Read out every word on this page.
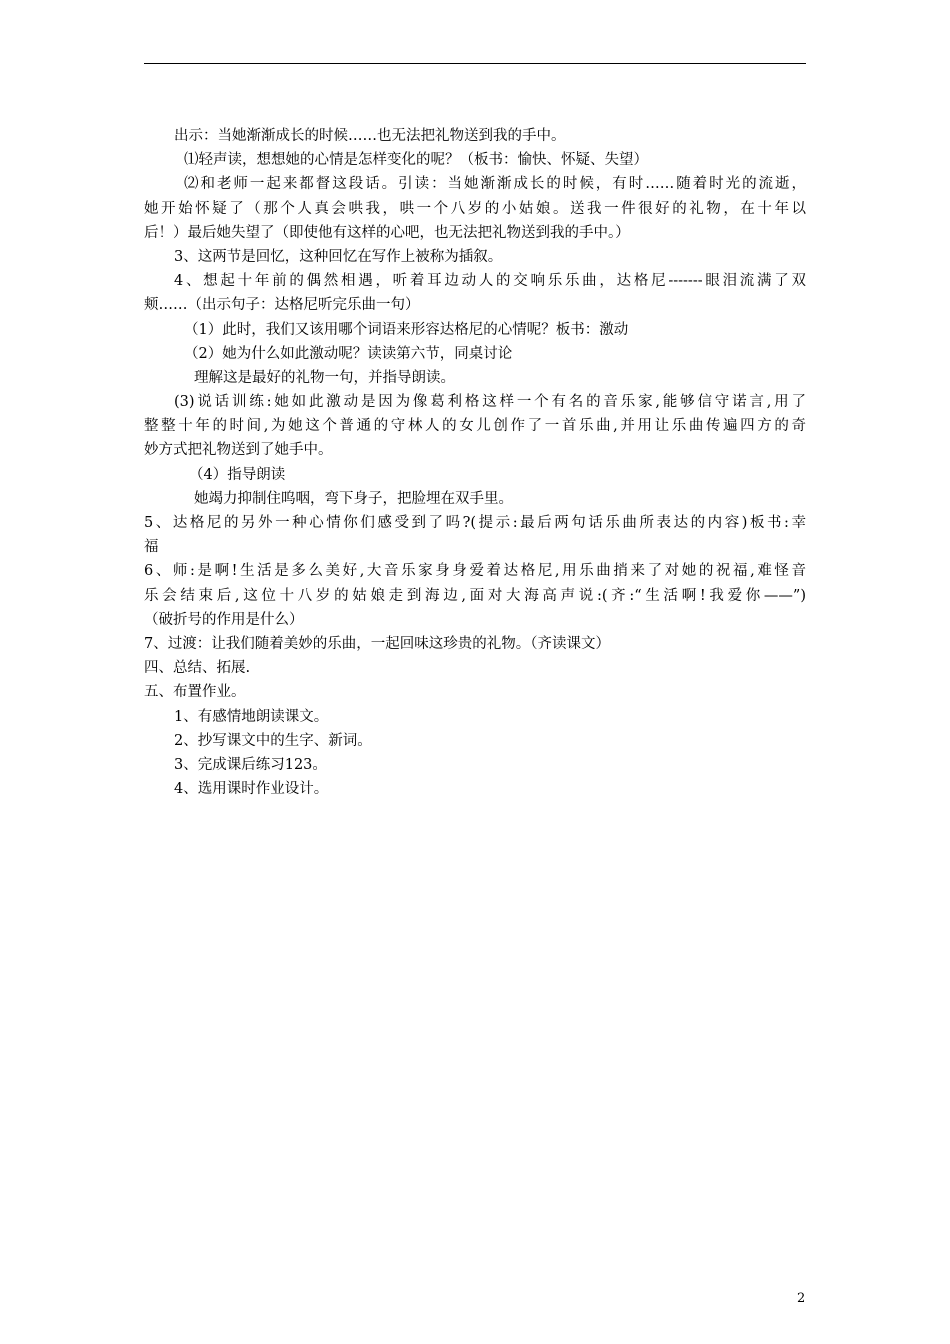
出示：当她渐渐成长的时候……也无法把礼物送到我的手中。

⑴轻声读，想想她的心情是怎样变化的呢？（板书：愉快、怀疑、失望）

⑵和老师一起来都督这段话。引读：当她渐渐成长的时候，有时……随着时光的流逝，

她开始怀疑了（那个人真会哄我，哄一个八岁的小姑娘。送我一件很好的礼物，在十年以

后！）最后她失望了（即使他有这样的心吧，也无法把礼物送到我的手中。）

3、这两节是回忆，这种回忆在写作上被称为插叙。

4、想起十年前的偶然相遇，听着耳边动人的交响乐乐曲，达格尼-------眼泪流满了双

颊……（出示句子：达格尼听完乐曲一句）

（1）此时，我们又该用哪个词语来形容达格尼的心情呢？板书：激动

（2）她为什么如此激动呢？读读第六节，同桌讨论

理解这是最好的礼物一句，并指导朗读。

(3)说话训练:她如此激动是因为像葛利格这样一个有名的音乐家,能够信守诺言,用了

整整十年的时间,为她这个普通的守林人的女儿创作了一首乐曲,并用让乐曲传遍四方的奇

妙方式把礼物送到了她手中。

（4）指导朗读

她竭力抑制住呜咽，弯下身子，把脸埋在双手里。

5、达格尼的另外一种心情你们感受到了吗?(提示:最后两句话乐曲所表达的内容)板书:幸

福

6、师:是啊!生活是多么美好,大音乐家身身爱着达格尼,用乐曲捎来了对她的祝福,难怪音

乐会结束后,这位十八岁的姑娘走到海边,面对大海高声说:(齐:“生活啊!我爱你——”)

（破折号的作用是什么）

7、过渡：让我们随着美妙的乐曲，一起回味这珍贵的礼物。（齐读课文）

四、总结、拓展.

五、布置作业。

1、有感情地朗读课文。

2、抄写课文中的生字、新词。

3、完成课后练习123。

4、选用课时作业设计。

2
